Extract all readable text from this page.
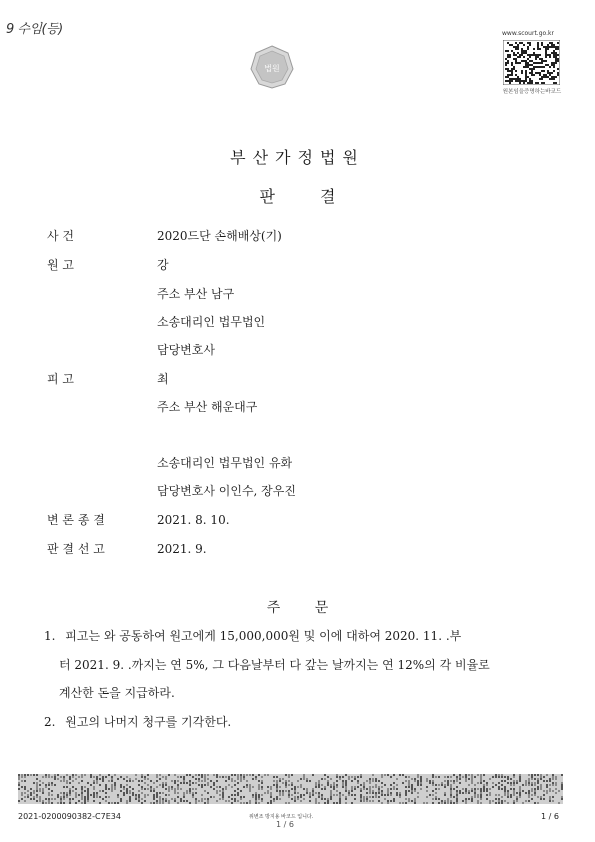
9 수임(등)
법원
www.scourt.go.kr
원본임을증명하는바코드
부산가정법원
판 결
사 건	2020드단 손해배상(기)
원 고	강
주소 부산 남구
소송대리인 법무법인
담당변호사
피 고	최
주소 부산 해운대구
소송대리인 법무법인 유화
담당변호사 이인수, 장우진
변 론 종 결	2021. 8. 10.
판 결 선 고	2021. 9.
주 문
1. 피고는 와 공동하여 원고에게 15,000,000원 및 이에 대하여 2020. 11. .부
터 2021. 9. .까지는 연 5%, 그 다음날부터 다 갚는 날까지는 연 12%의 각 비율로
계산한 돈을 지급하라.
2. 원고의 나머지 청구를 기각한다.
2021-0200090382-C7E34	위변조 방지용 바코드 입니다.
1 / 6
1 / 6
